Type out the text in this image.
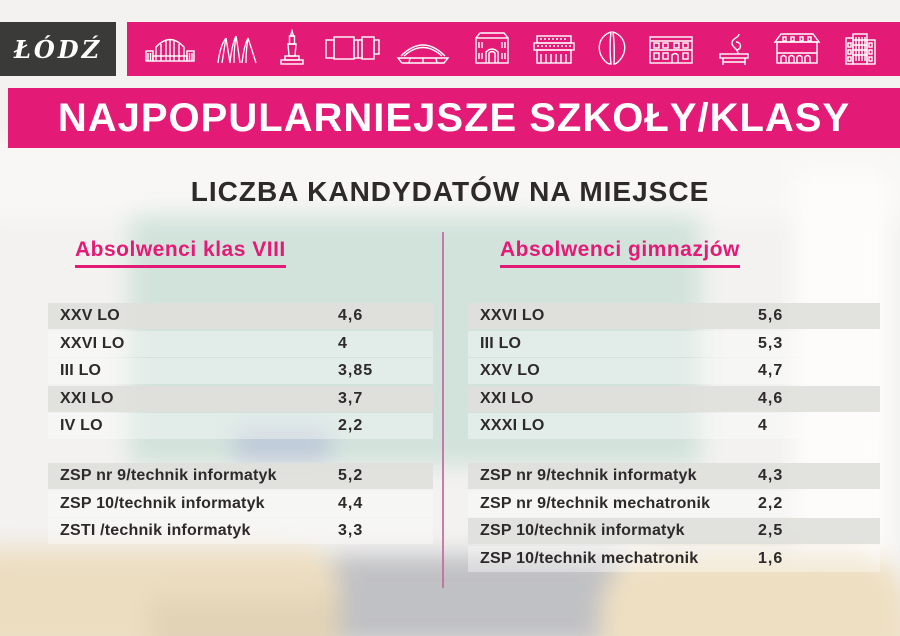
ŁÓDŹ
NAJPOPULARNIEJSZE SZKOŁY/KLASY
LICZBA KANDYDATÓW NA MIEJSCE
Absolwenci klas VIII	Absolwenci gimnazjów
XXV LO	4,6
XXVI LO	4
III LO	3,85
XXI LO	3,7
IV LO	2,2
ZSP nr 9/technik informatyk	5,2
ZSP 10/technik informatyk	4,4
ZSTI /technik informatyk	3,3
XXVI LO	5,6
III LO	5,3
XXV LO	4,7
XXI LO	4,6
XXXI LO	4
ZSP nr 9/technik informatyk	4,3
ZSP nr 9/technik mechatronik	2,2
ZSP 10/technik informatyk	2,5
ZSP 10/technik mechatronik	1,6
